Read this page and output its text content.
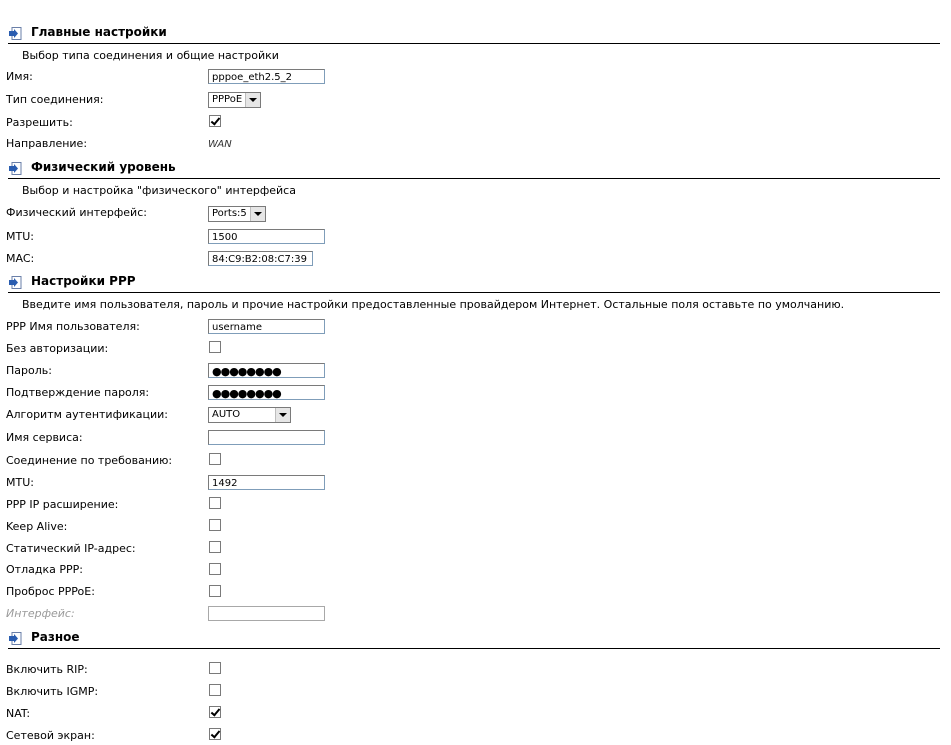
Главные настройки
Выбор типа соединения и общие настройки
Имя:	pppoe_eth2.5_2
Тип соединения:	PPPoE
Разрешить:
Направление:	WAN
Физический уровень
Выбор и настройка "физического" интерфейса
Физический интерфейс:	Ports:5
MTU:	1500
MAC:	84:C9:B2:08:C7:39
Настройки PPP
Введите имя пользователя, пароль и прочие настройки предоставленные провайдером Интернет. Остальные поля оставьте по умолчанию.
PPP Имя пользователя:	username
Без авторизации:
Пароль:	●●●●●●●●
Подтверждение пароля:	●●●●●●●●
Алгоритм аутентификации:	AUTO
Имя сервиса:
Соединение по требованию:
MTU:	1492
PPP IP расширение:
Keep Alive:
Статический IP-адрес:
Отладка PPP:
Проброс PPPoE:
Интерфейс:
Разное
Включить RIP:
Включить IGMP:
NAT:
Сетевой экран:
